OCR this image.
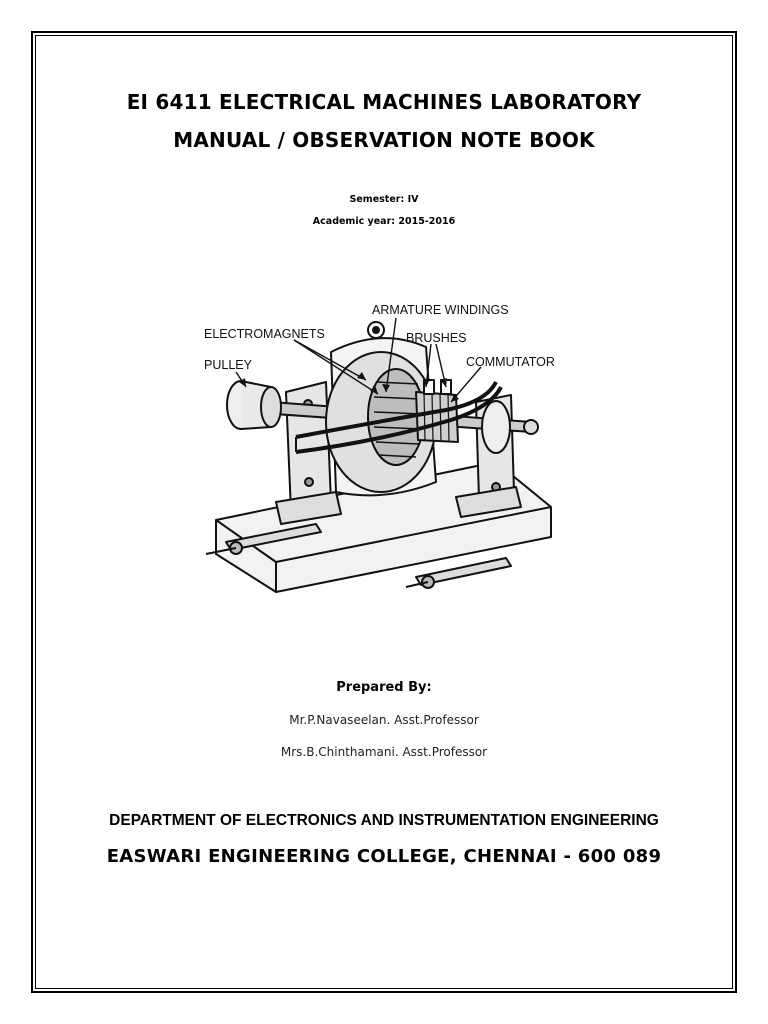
EI 6411 ELECTRICAL MACHINES LABORATORY
MANUAL / OBSERVATION NOTE BOOK
Semester: IV
Academic year: 2015-2016
ARMATURE WINDINGS
ELECTROMAGNETS	BRUSHES
PULLEY	COMMUTATOR
Prepared By:
Mr.P.Navaseelan. Asst.Professor
Mrs.B.Chinthamani. Asst.Professor
DEPARTMENT OF ELECTRONICS AND INSTRUMENTATION ENGINEERING
EASWARI ENGINEERING COLLEGE, CHENNAI - 600 089
